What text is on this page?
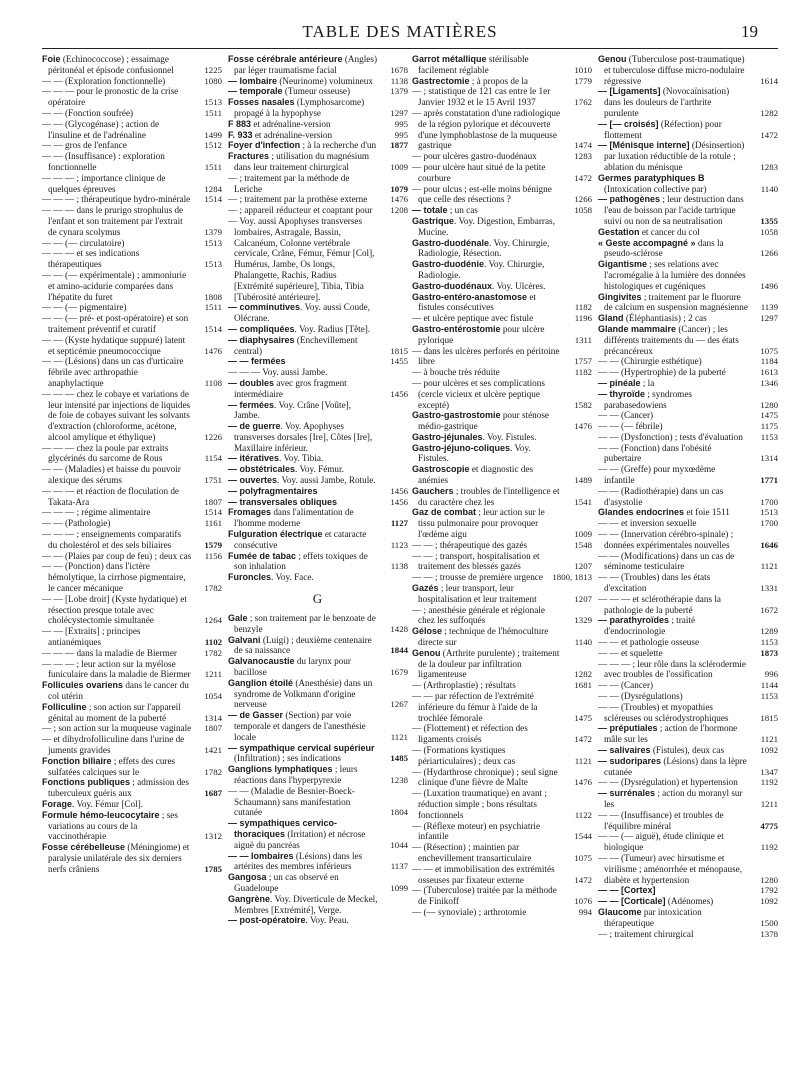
TABLE DES MATIÈRES	19
Foie (Echinococcose) ; essaimage péritonéal et épisode confusionnel	1225
— — (Exploration fonctionnelle)	1080
— — — pour le pronostic de la crise opératoire	1513
— — (Fonction soufrée)	1511
— — (Glycogénase) ; action de l'insuline et de l'adrénaline	1499
— — gros de l'enfance	1512
— — (Insuffisance) : exploration fonctionnelle	1511
— — — ; importance clinique de quelques épreuves	1284
— — — ; thérapeutique hydro-minérale 1514
— — — dans le prurigo strophulus de l'enfant et son traitement par l'extrait de cynara scolymus	1379
— — (— circulatoire)	1513
— — — et ses indications thérapeutiques	1513
— — (— expérimentale) ; ammoniurie et amino-acidurie comparées dans l'hépatite du furet	1808
— — (— pigmentaire)	1511
— — (— pré- et post-opératoire) et son traitement préventif et curatif	1514
— — (Kyste hydatique suppuré) latent et septicémie pneumococcique	1476
— — (Lésions) dans un cas d'urticaire fébrile avec arthropathie anaphylactique	1108
— — — chez le cobaye et variations de leur intensité par injections de liquides de foie de cobayes suivant les solvants d'extraction (chloroforme, acétone, alcool amylique et éthylique)	1226
— — — chez la poule par extraits glycérinés du sarcome de Rous	1154
— — (Maladies) et baisse du pouvoir alexique des sérums	1751
— — — et réaction de floculation de Takata-Ara	1807
— — — ; régime alimentaire	1514
— — (Pathologie)	1161
— — — ; enseignements comparatifs du cholestérol et des sels biliaires	1579
— — (Plaies par coup de feu) ; deux cas 1156
— — (Ponction) dans l'ictère hémolytique, la cirrhose pigmentaire, le cancer mécanique	1782
— — [Lobe droit] (Kyste hydatique) et résection presque totale avec cholécystectomie simultanée	1264
— — [Extraits] ; principes antianémiques	1102
— — — dans la maladie de Biermer	1782
— — — ; leur action sur la myélose funiculaire dans la maladie de Biermer 1211
Follicules ovariens dans le cancer du col utérin	1054
Folliculine ; son action sur l'appareil génital au moment de la puberté	1314
— ; son action sur la muqueuse vaginale 1807
— et dihydrofolliculine dans l'urine de juments gravides	1421
Fonction biliaire ; effets des cures sulfatées calciques sur le	1782
Fonctions publiques ; admission des tuberculeux guéris aux	1687
Forage. Voy. Fémur [Col].
Formule hémo-leucocytaire ; ses variations au cours de la vaccinothérapie	1312
Fosse cérébelleuse (Méningiome) et paralysie unilatérale des six derniers nerfs crâniens	1785
Fosse cérébrale antérieure (Angles) par léger traumatisme facial	1678
— lombaire (Neurinome) volumineux 1138
— temporale (Tumeur osseuse)	1379
Fosses nasales (Lymphosarcome) propagé à la hypophyse	1297
F 883 et adrénaline-version	995
F. 933 et adrénaline-version	995
Foyer d'infection ; à la recherche d'un 1877
Fractures ; utilisation du magnésium dans leur traitement chirurgical	1009
— ; traitement par la méthode de Leriche	1079
— ; traitement par la prothèse externe	1476
— ; appareil réducteur et coaptant pour 1208
— Voy. aussi Apophyses transverses lombaires, Astragale, Bassin, Calcanéum, Colonne vertébrale cervicale, Crâne, Fémur, Fémur [Col], Humérus, Jambe, Os longs, Phalangette, Rachis, Radius [Extrémité supérieure], Tibia, Tibia [Tubérosité antérieure].
— comminutives. Voy. aussi Coude, Olécrane.
— compliquées. Voy. Radius [Tête].
— diaphysaires (Enchevillement central)	1815
— — fermées	1455
— — — Voy. aussi Jambe.
— doubles avec gros fragment intermédiaire	1456
— fermées. Voy. Crâne [Voûte], Jambe.
— de guerre. Voy. Apophyses transverses dorsales [Ire], Côtes [Ire], Maxillaire inférieur.
— itératives. Voy. Tibia.
— obstétricales. Voy. Fémur.
— ouvertes. Voy. aussi Jambe, Rotule.
— polyfragmentaires	1456
— transversales obliques	1456
Fromages dans l'alimentation de l'homme moderne	1127
Fulguration électrique et cataracte consécutive	1123
Fumée de tabac ; effets toxiques de son inhalation	1138
Furoncles. Voy. Face.
G
Gale ; son traitement par le benzoate de benzyle	1428
Galvani (Luigi) ; deuxième centenaire de sa naissance	1844
Galvanocaustie du larynx pour bacillose	1679
Ganglion étoilé (Anesthésie) dans un syndrome de Volkmann d'origine nerveuse	1267
— de Gasser (Section) par voie temporale et dangers de l'anesthésie locale	1121
— sympathique cervical supérieur (Infiltration) ; ses indications	1485
Ganglions lymphatiques ; leurs réactions dans l'hyperpyrexie	1238
— — (Maladie de Besnier-Boeck-Schaumann) sans manifestation cutanée	1804
— sympathiques cervico-thoraciques (Irritation) et nécrose aiguë du pancréas	1044
— — lombaires (Lésions) dans les artérites des membres inférieurs	1137
Gangosa ; un cas observé en Guadeloupe	1099
Gangrène. Voy. Diverticule de Meckel, Membres [Extrémité], Verge.
— post-opératoire. Voy. Peau.
Garrot métallique stérilisable facilement réglable	1010
Gastrectomie ; à propos de la	1779
— ; statistique de 121 cas entre le 1er Janvier 1932 et le 15 Avril 1937	1762
— après constatation d'une radiologique de la région pylorique et découverte d'une lymphoblastose de la muqueuse gastrique	1474
— pour ulcères gastro-duodénaux	1283
— pour ulcère haut situé de la petite courbure	1472
— pour ulcus ; est-elle moins bénigne que celle des résections ?	1266
— totale ; un cas	1058
Gastrique. Voy. Digestion, Embarras, Mucine.
Gastro-duodénale. Voy. Chirurgie, Radiologie, Résection.
Gastro-duodénie. Voy. Chirurgie, Radiologie.
Gastro-duodénaux. Voy. Ulcères.
Gastro-entéro-anastomose et fistules consécutives	1182
— et ulcère peptique avec fistule	1196
Gastro-entérostomie pour ulcère pylorique	1311
— dans les ulcères perforés en péritoine libre	1757
— à bouche très réduite	1182
— pour ulcères et ses complications (cercle vicieux et ulcère peptique excepté)	1582
Gastro-gastrostomie pour sténose médio-gastrique	1476
Gastro-jéjunales. Voy. Fistules.
Gastro-jéjuno-coliques. Voy. Fistules.
Gastroscopie et diagnostic des anémies	1489
Gauchers ; troubles de l'intelligence et du caractère chez les	1541
Gaz de combat ; leur action sur le tissu pulmonaire pour provoquer l'œdème aigu	1009
— — ; thérapeutique des gazés	1548
— — ; transport, hospitalisation et traitement des blessés gazés	1207
— — ; trousse de première urgence 1800, 1813
Gazés ; leur transport, leur hospitalisation et leur traitement	1207
— ; anesthésie générale et régionale chez les suffoqués	1329
Gélose ; technique de l'hémoculture directe sur	1140
Genou (Arthrite purulente) ; traitement de la douleur par infiltration ligamenteuse	1282
— (Arthroplastie) ; résultats	1681
— — par réfection de l'extrémité inférieure du fémur à l'aide de la trochlée fémorale	1475
— (Flottement) et réfection des ligaments croisés	1472
— (Formations kystiques périarticulaires) ; deux cas	1121
— (Hydarthrose chronique) ; seul signe clinique d'une fièvre de Malte	1476
— (Luxation traumatique) en avant ; réduction simple ; bons résultats fonctionnels	1122
— (Réflexe moteur) en psychiatrie infantile	1544
— (Résection) ; maintien par enchevillement transarticulaire	1075
— — et immobilisation des extrémités osseuses par fixateur externe	1472
— (Tuberculose) traitée par la méthode de Finikoff	1076
— (— synoviale) ; arthrotomie	994
Genou (Tuberculose post-traumatique) et tuberculose diffuse micro-nodulaire régressive	1614
— [Ligaments] (Novocaïnisation) dans les douleurs de l'arthrite purulente	1282
— [— croisés] (Réfection) pour flottement	1472
— [Ménisque interne] (Désinsertion) par luxation réductible de la rotule ; ablation du ménisque	1283
Germes paratyphiques B (Intoxication collective par)	1140
— pathogènes ; leur destruction dans l'eau de boisson par l'acide tartrique suivi ou non de sa neutralisation	1355
Gestation et cancer du col	1058
« Geste accompagné » dans la pseudo-sclérose	1266
Gigantisme ; ses relations avec l'acromégalie à la lumière des données histologiques et cugéniques	1496
Gingivites ; traitement par le fluorure de calcium en suspension magnésienne 1139
Gland (Éléphantiasis) ; 2 cas	1297
Glande mammaire (Cancer) ; les différents traitements du — des états précancéreux	1075
— — (Chirurgie esthétique)	1184
— — (Hypertrophie) de la puberté	1613
— pinéale ; la	1346
— thyroïde ; syndromes parabasedowiens	1280
— — (Cancer)	1475
— — (— fébrile)	1175
— — (Dysfonction) ; tests d'évaluation 1153
— — (Fonction) dans l'obésité pubertaire	1314
— — (Greffe) pour myxœdème infantile	1771
— — (Radiothérapie) dans un cas d'asystolie	1700
Glandes endocrines et foie 1511	1513
— — et inversion sexuelle	1700
— — (Innervation cérébro-spinale) ; données expérimentales nouvelles	1646
— — (Modifications) dans un cas de séminome testiculaire	1121
— — (Troubles) dans les états d'excitation	1331
— — — et sclérothérapie dans la pathologie de la puberté	1672
— parathyroïdes ; traité d'endocrinologie	1289
— — et pathologie osseuse	1153
— — et squelette	1873
— — — ; leur rôle dans la sclérodermie avec troubles de l'ossification	996
— — (Cancer)	1144
— — (Dysrégulations)	1153
— — (Troubles) et myopathies scléreuses ou sclérodystrophiques	1815
— préputiales ; action de l'hormone mâle sur les	1121
— salivaires (Fistules), deux cas	1092
— sudoripares (Lésions) dans la lèpre cutanée	1347
— — (Dysrégulation) et hypertension	1192
— surrénales ; action du moranyl sur les	1211
— — (Insuffisance) et troubles de l'équilibre minéral	4775
— — (— aiguë), étude clinique et biologique	1192
— — (Tumeur) avec hirsutisme et virilisme ; aménorrhée et ménopause, diabète et hypertension	1280
— — [Cortex]	1792
— — [Corticale] (Adénomes)	1092
Glaucome par intoxication thérapeutique	1500
— ; traitement chirurgical	1378
